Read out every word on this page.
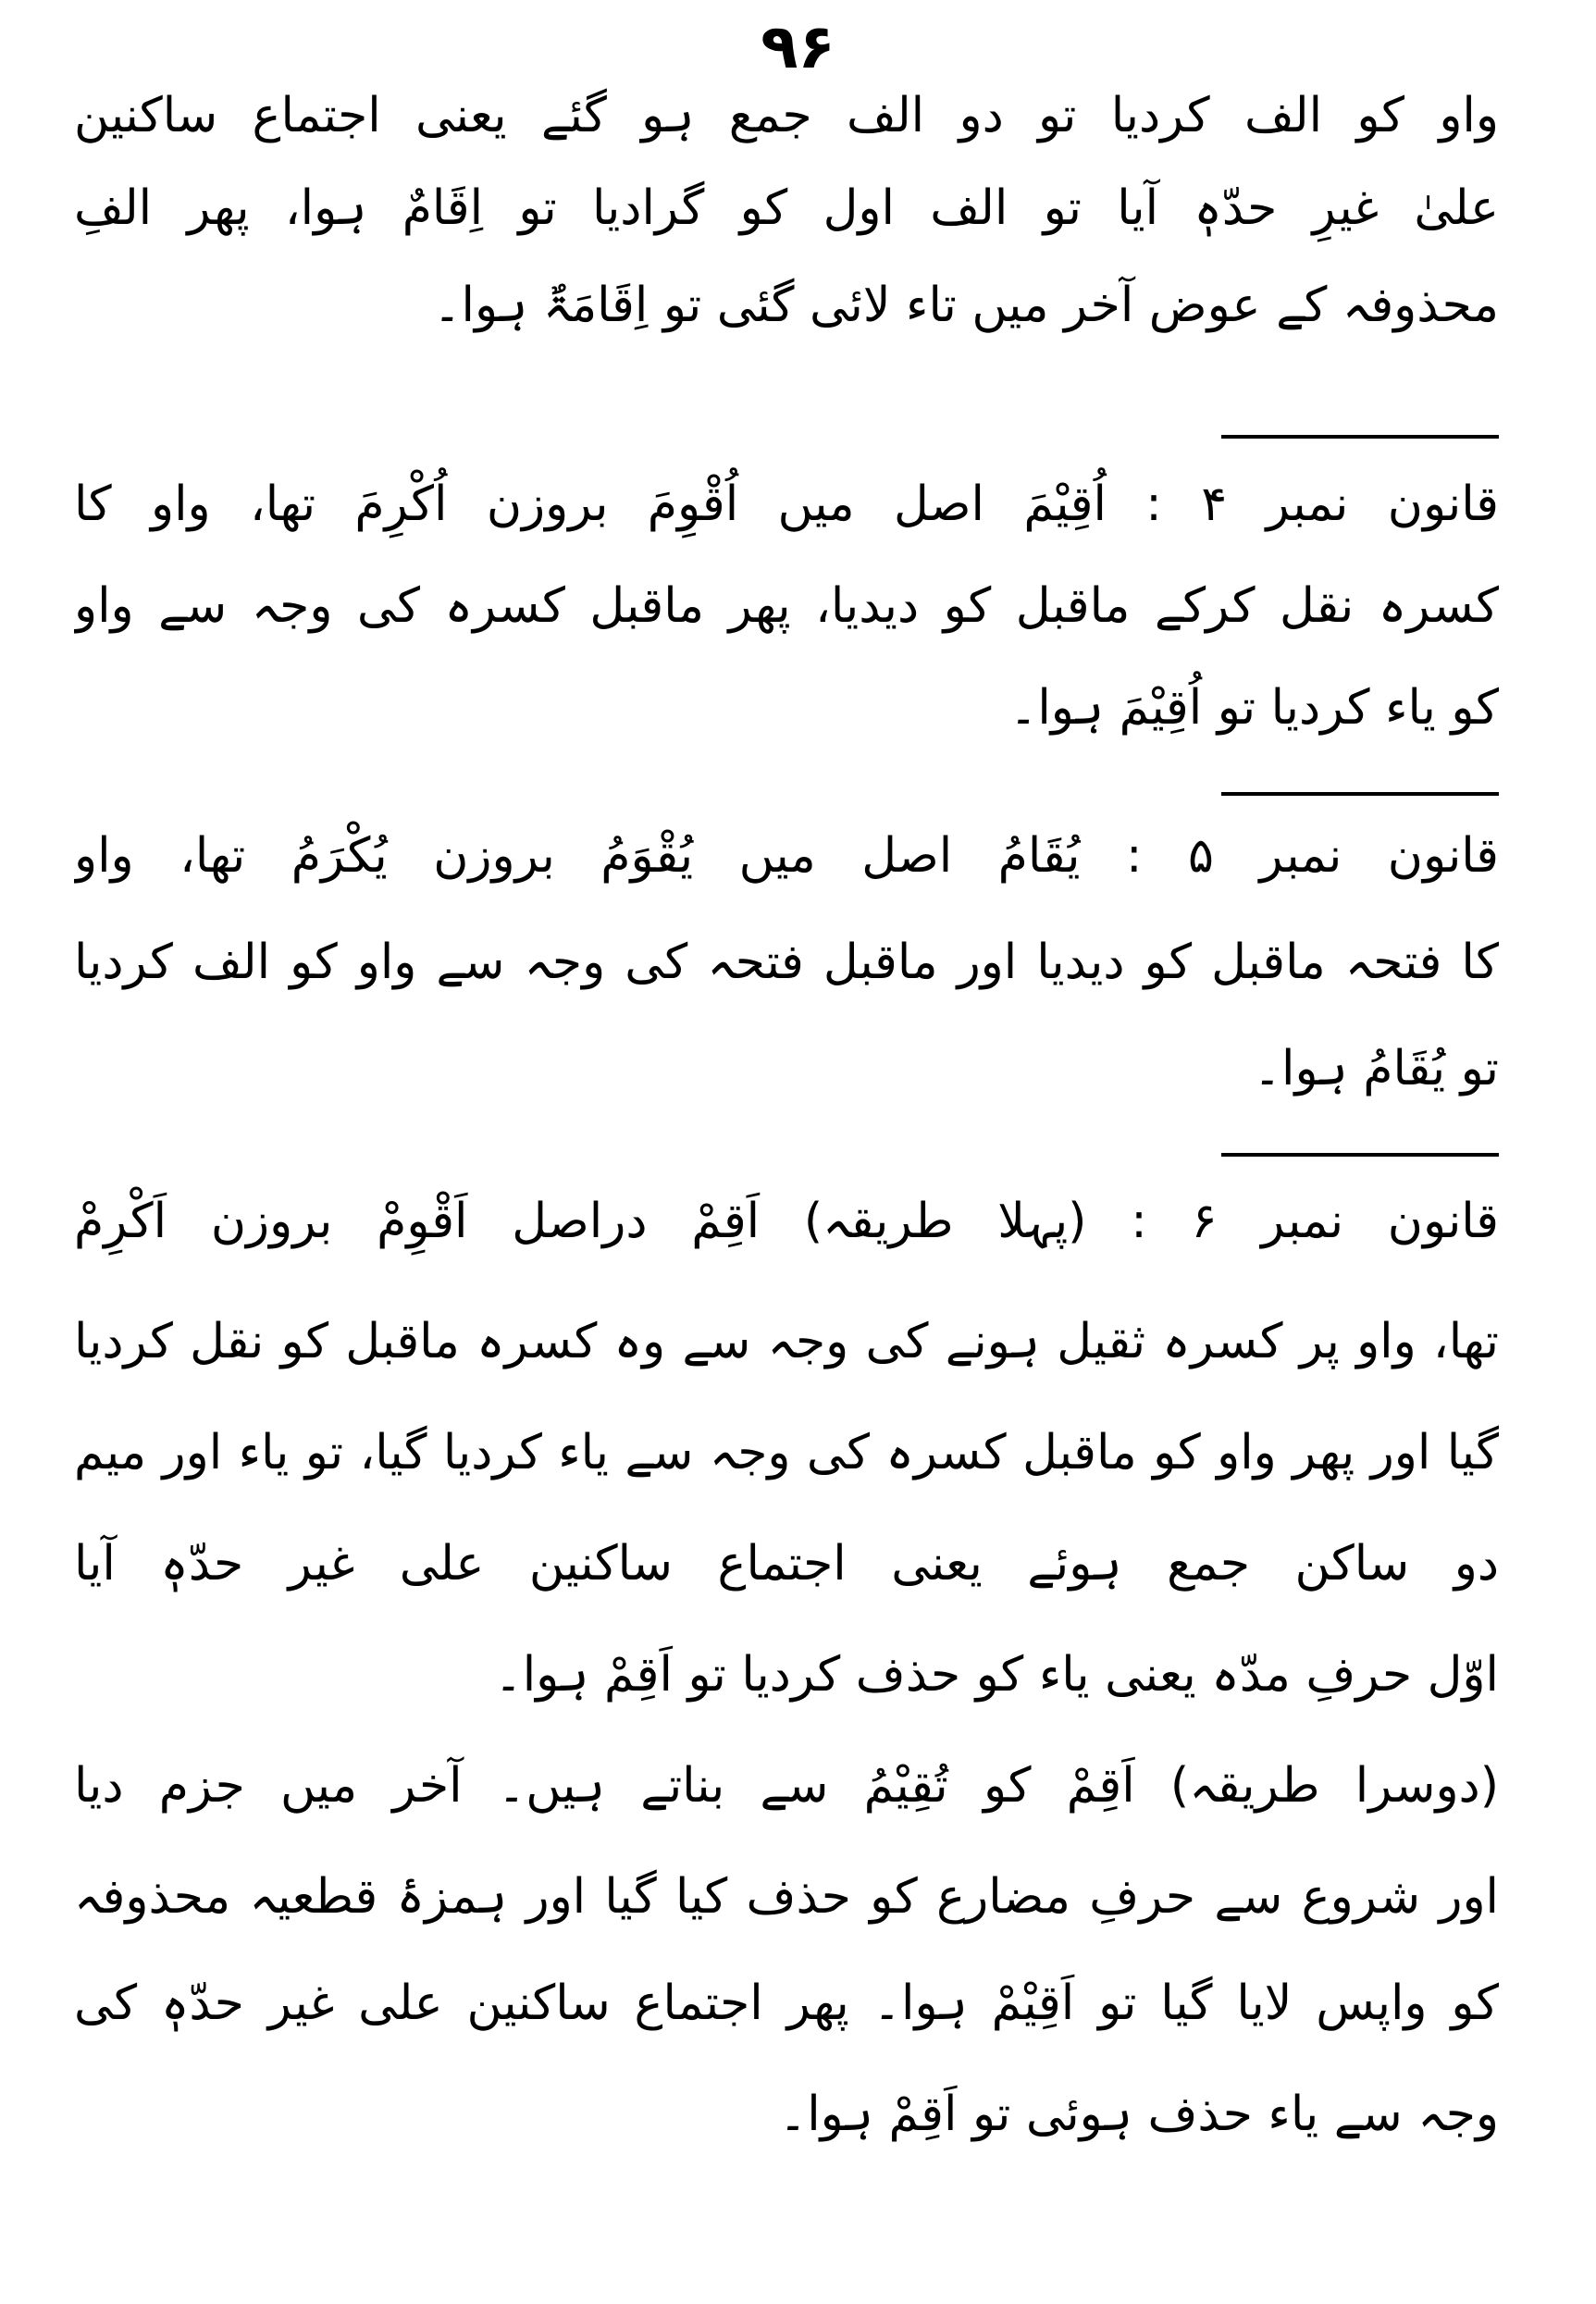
۹۶
واو کو الف کردیا تو دو الف جمع ہو گئے یعنی اجتماع ساکنین
علیٰ غیرِ حدّہٖ آیا تو الف اول کو گرادیا تو اِقَامٌ ہوا، پھر الفِ
محذوفہ کے عوض آخر میں تاء لائی گئی تو اِقَامَۃٌ ہوا۔
قانون نمبر ۴ : اُقِیْمَ اصل میں اُقْوِمَ بروزن اُکْرِمَ تھا، واو کا
کسرہ نقل کرکے ماقبل کو دیدیا، پھر ماقبل کسرہ کی وجہ سے واو
کو یاء کردیا تو اُقِیْمَ ہوا۔
قانون نمبر ۵ : یُقَامُ اصل میں یُقْوَمُ بروزن یُکْرَمُ تھا، واو
کا فتحہ ماقبل کو دیدیا اور ماقبل فتحہ کی وجہ سے واو کو الف کردیا
تو یُقَامُ ہوا۔
قانون نمبر ۶ : (پہلا طریقہ) اَقِمْ دراصل اَقْوِمْ بروزن اَکْرِمْ
تھا، واو پر کسرہ ثقیل ہونے کی وجہ سے وہ کسرہ ماقبل کو نقل کردیا
گیا اور پھر واو کو ماقبل کسرہ کی وجہ سے یاء کردیا گیا، تو یاء اور میم
دو ساکن جمع ہوئے یعنی اجتماع ساکنین علی غیر حدّہٖ آیا
اوّل حرفِ مدّہ یعنی یاء کو حذف کردیا تو اَقِمْ ہوا۔
(دوسرا طریقہ) اَقِمْ کو تُقِیْمُ سے بناتے ہیں۔ آخر میں جزم دیا
اور شروع سے حرفِ مضارع کو حذف کیا گیا اور ہمزۂ قطعیہ محذوفہ
کو واپس لایا گیا تو اَقِیْمْ ہوا۔ پھر اجتماع ساکنین علی غیر حدّہٖ کی
وجہ سے یاء حذف ہوئی تو اَقِمْ ہوا۔
